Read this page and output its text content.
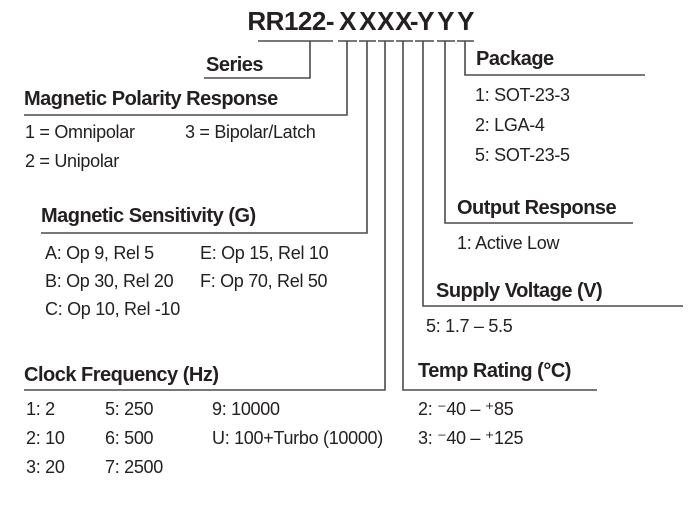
RR122- X X X X
- Y Y Y
Series
Magnetic Polarity Response
1 = Omnipolar
2 = Unipolar
3 = Bipolar/Latch
Magnetic Sensitivity (G)
A: Op 9, Rel 5
B: Op 30, Rel 20
C: Op 10, Rel -10
E: Op 15, Rel 10
F: Op 70, Rel 50
Clock Frequency (Hz)
1: 2
2: 10
3: 20
5: 250
6: 500
7: 2500
9: 10000
U: 100+Turbo (10000)
Package
1: SOT-23-3
2: LGA-4
5: SOT-23-5
Output Response
1: Active Low
Supply Voltage (V)
5: 1.7 – 5.5
Temp Rating (°C)
2: ⁻40 – ⁺85
3: ⁻40 – ⁺125
